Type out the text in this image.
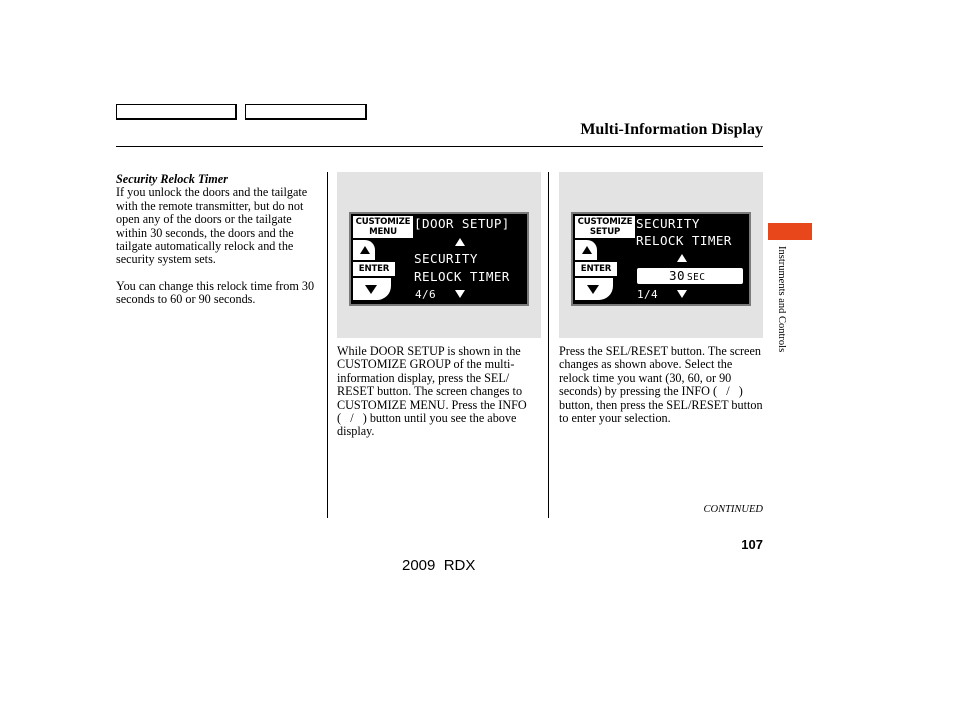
Multi-Information Display

Security Relock Timer

If you unlock the doors and the tailgate with the remote transmitter, but do not open any of the doors or the tailgate within 30 seconds, the doors and the tailgate automatically relock and the security system sets.

You can change this relock time from 30 seconds to 60 or 90 seconds.

CUSTOMIZE
MENU
ENTER
[DOOR SETUP]
SECURITY
RELOCK TIMER
4/6
CUSTOMIZE
SETUP
ENTER
SECURITY
RELOCK TIMER
30 SEC
1/4
While DOOR SETUP is shown in the CUSTOMIZE GROUP of the multi-information display, press the SEL/ RESET button. The screen changes to CUSTOMIZE MENU. Press the INFO (   /   ) button until you see the above display.
Press the SEL/RESET button. The screen changes as shown above. Select the relock time you want (30, 60, or 90 seconds) by pressing the INFO (   /   ) button, then press the SEL/RESET button to enter your selection.
Instruments and Controls
CONTINUED
107
2009  RDX
